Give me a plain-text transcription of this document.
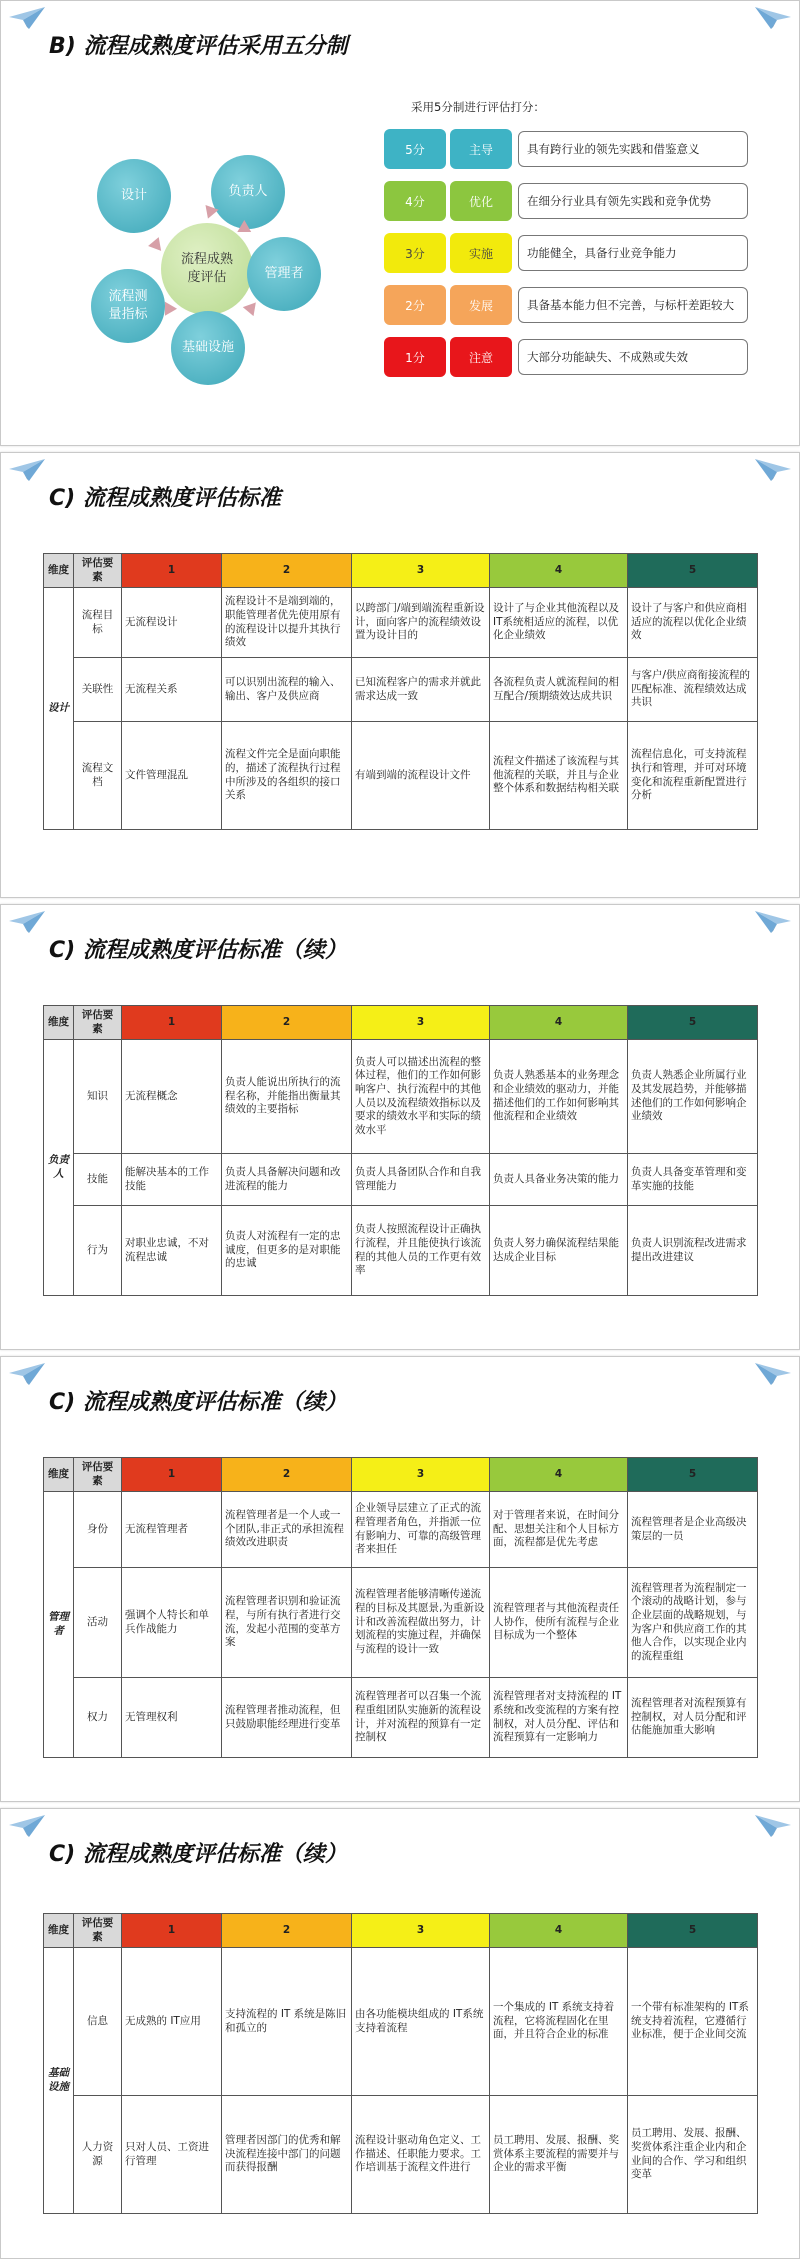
B) 流程成熟度评估采用五分制
流程成熟度评估
设计	负责人
管理者
基础设施
流程测量指标
采用5分制进行评估打分：
5分	主导	具有跨行业的领先实践和借鉴意义
4分	优化	在细分行业具有领先实践和竞争优势
3分	实施	功能健全，具备行业竞争能力
2分	发展	具备基本能力但不完善，与标杆差距较大
1分	注意	大部分功能缺失、不成熟或失效
C) 流程成熟度评估标准
维度	评估要素	1	2	3	4	5
设计	流程目标	无流程设计	流程设计不是端到端的，职能管理者优先使用原有的流程设计以提升其执行绩效	以跨部门/端到端流程重新设计，面向客户的流程绩效设置为设计目的	设计了与企业其他流程以及IT系统相适应的流程，以优化企业绩效	设计了与客户和供应商相适应的流程以优化企业绩效
	关联性	无流程关系	可以识别出流程的输入、输出、客户及供应商	已知流程客户的需求并就此需求达成一致	各流程负责人就流程间的相互配合/预期绩效达成共识	与客户/供应商衔接流程的 匹配标准、流程绩效达成 共识
	流程文档	文件管理混乱	流程文件完全是面向职能的，描述了流程执行过程中所涉及的各组织的接口关系	有端到端的流程设计文件	流程文件描述了该流程与其他流程的关联，并且与企业整个体系和数据结构相关联	流程信息化，可支持流程执行和管理，并可对环境变化和流程重新配置进行分析
C) 流程成熟度评估标准（续）
维度	评估要素	1	2	3	4	5
负责人	知识	无流程概念	负责人能说出所执行的流程名称，并能指出衡量其绩效的主要指标	负责人可以描述出流程的整体过程，他们的工作如何影响客户、执行流程中的其他人员以及流程绩效指标以及要求的绩效水平和实际的绩效水平	负责人熟悉基本的业务理念和企业绩效的驱动力，并能描述他们的工作如何影响其他流程和企业绩效	负责人熟悉企业所属行业及其发展趋势，并能够描述他们的工作如何影响企业绩效
	技能	能解决基本的工作技能	负责人具备解决问题和改进流程的能力	负责人具备团队合作和自我管理能力	负责人具备业务决策的能力	负责人具备变革管理和变革实施的技能
	行为	对职业忠诚，不对流程忠诚	负责人对流程有一定的忠诚度，但更多的是对职能的忠诚	负责人按照流程设计正确执行流程，并且能使执行该流程的其他人员的工作更有效率	负责人努力确保流程结果能达成企业目标	负责人识别流程改进需求提出改进建议
C) 流程成熟度评估标准（续）
维度	评估要素	1	2	3	4	5
管理者	身份	无流程管理者	流程管理者是一个人或一个团队,非正式的承担流程绩效改进职责	企业领导层建立了正式的流程管理者角色，并指派一位有影响力、可靠的高级管理者来担任	对于管理者来说，在时间分配、思想关注和个人目标方面，流程都是优先考虑	流程管理者是企业高级决策层的一员
	活动	强调个人特长和单兵作战能力	流程管理者识别和验证流程，与所有执行者进行交流，发起小范围的变革方案	流程管理者能够清晰传递流程的目标及其愿景,为重新设计和改善流程做出努力，计划流程的实施过程，并确保与流程的设计一致	流程管理者与其他流程责任人协作，使所有流程与企业目标成为一个整体	流程管理者为流程制定一个滚动的战略计划，参与企业层面的战略规划，与为客户和供应商工作的其他人合作，以实现企业内的流程重组
	权力	无管理权利	流程管理者推动流程，但只鼓励职能经理进行变革	流程管理者可以召集一个流程重组团队实施新的流程设计，并对流程的预算有一定控制权	流程管理者对支持流程的 IT系统和改变流程的方案有控制权，对人员分配、评估和流程预算有一定影响力	流程管理者对流程预算有控制权，对人员分配和评估能施加重大影响
C) 流程成熟度评估标准（续）
维度	评估要素	1	2	3	4	5
基础设施	信息	无成熟的 IT应用	支持流程的 IT 系统是陈旧和孤立的	由各功能模块组成的 IT系统支持着流程	一个集成的 IT 系统支持着流程，它将流程固化在里面，并且符合企业的标准	一个带有标准架构的 IT系统支持着流程，它遵循行业标准，便于企业间交流
	人力资源	只对人员、工资进行管理	管理者因部门的优秀和解决流程连接中部门的问题而获得报酬	流程设计驱动角色定义、工作描述、任职能力要求。工作培训基于流程文件进行	员工聘用、发展、报酬、奖赏体系主要流程的需要并与企业的需求平衡	员工聘用、发展、报酬、奖赏体系注重企业内和企业间的合作、学习和组织变革
